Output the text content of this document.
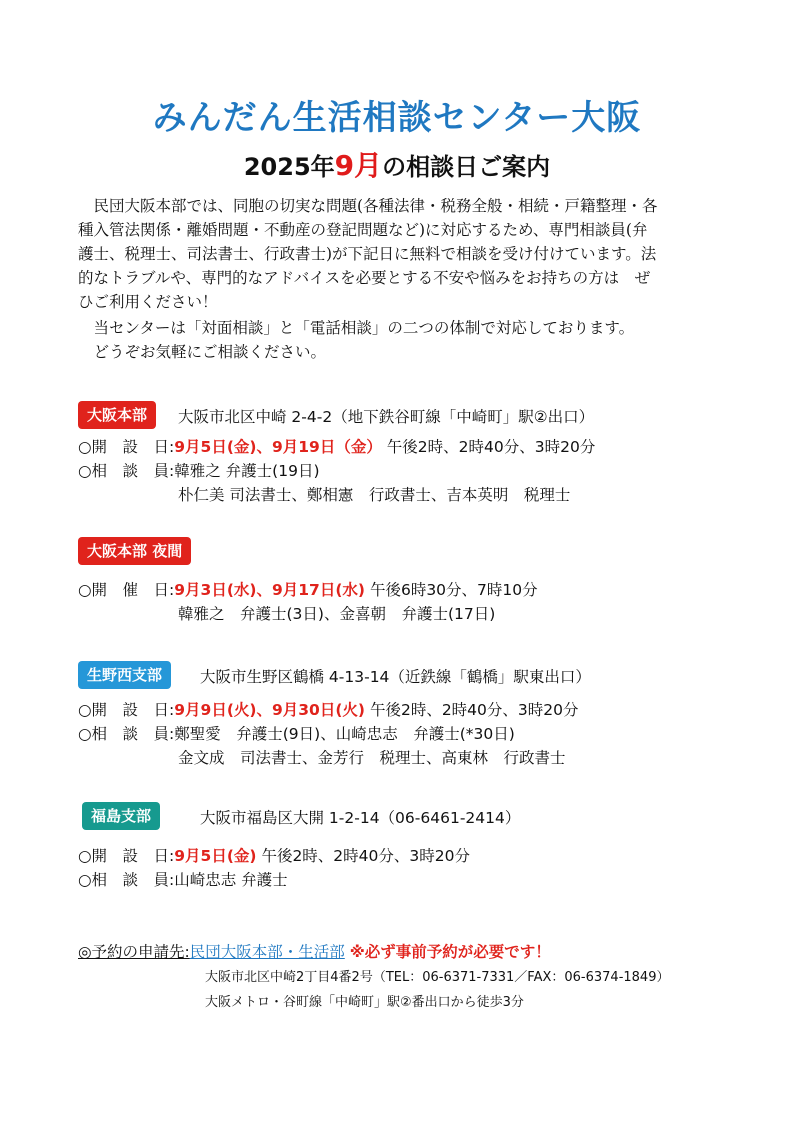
みんだん生活相談センター大阪
2025年9月の相談日ご案内
　民団大阪本部では、同胞の切実な問題(各種法律・税務全般・相続・戸籍整理・各
種入管法関係・離婚問題・不動産の登記問題など)に対応するため、専門相談員(弁
護士、税理士、司法書士、行政書士)が下記日に無料で相談を受け付けています。法
的なトラブルや、専門的なアドバイスを必要とする不安や悩みをお持ちの方は　ぜ
ひご利用ください！
　当センターは「対面相談」と「電話相談」の二つの体制で対応しております。
　どうぞお気軽にご相談ください。
大阪本部	大阪市北区中崎 2-4-2（地下鉄谷町線「中崎町」駅②出口）
○開　設　日:9月5日(金)、9月19日（金） 午後2時、2時40分、3時20分
○相　談　員:韓雅之 弁護士(19日)
朴仁美 司法書士、鄭相憲　行政書士、吉本英明　税理士
大阪本部 夜間
○開　催　日:9月3日(水)、9月17日(水) 午後6時30分、7時10分
韓雅之　弁護士(3日)、金喜朝　弁護士(17日)
生野西支部	大阪市生野区鶴橋 4-13-14（近鉄線「鶴橋」駅東出口）
○開　設　日:9月9日(火)、9月30日(火) 午後2時、2時40分、3時20分
○相　談　員:鄭聖愛　弁護士(9日)、山崎忠志　弁護士(*30日)
金文成　司法書士、金芳行　税理士、高東林　行政書士
福島支部	大阪市福島区大開 1-2-14（06-6461-2414）
○開　設　日:9月5日(金) 午後2時、2時40分、3時20分
○相　談　員:山崎忠志 弁護士
◎予約の申請先:民団大阪本部・生活部 ※必ず事前予約が必要です！
大阪市北区中崎2丁目4番2号（TEL：06-6371-7331／FAX：06-6374-1849）
大阪メトロ・谷町線「中崎町」駅②番出口から徒歩3分
